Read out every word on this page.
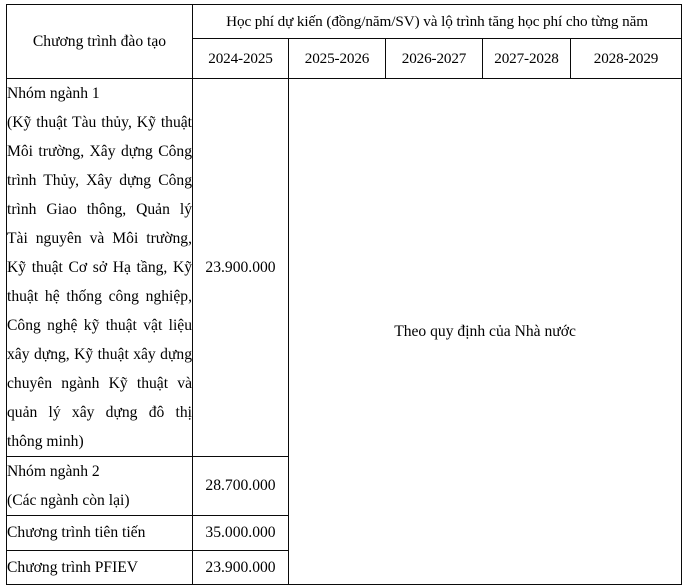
Chương trình đào tạo	Học phí dự kiến (đồng/năm/SV) và lộ trình tăng học phí cho từng năm				
	2024-2025	2025-2026	2026-2027	2027-2028	2028-2029

Nhóm ngành 1
(Kỹ thuật Tàu thủy, Kỹ thuật Môi trường, Xây dựng Công trình Thủy, Xây dựng Công trình Giao thông, Quản lý Tài nguyên và Môi trường, Kỹ thuật Cơ sở Hạ tầng, Kỹ thuật hệ thống công nghiệp, Công nghệ kỹ thuật vật liệu xây dựng, Kỹ thuật xây dựng chuyên ngành Kỹ thuật và quản lý xây dựng đô thị thông minh)	23.900.000	Theo quy định của Nhà nước			

Nhóm ngành 2
(Các ngành còn lại)	28.700.000				
Chương trình tiên tiến	35.000.000				
Chương trình PFIEV	23.900.000				
